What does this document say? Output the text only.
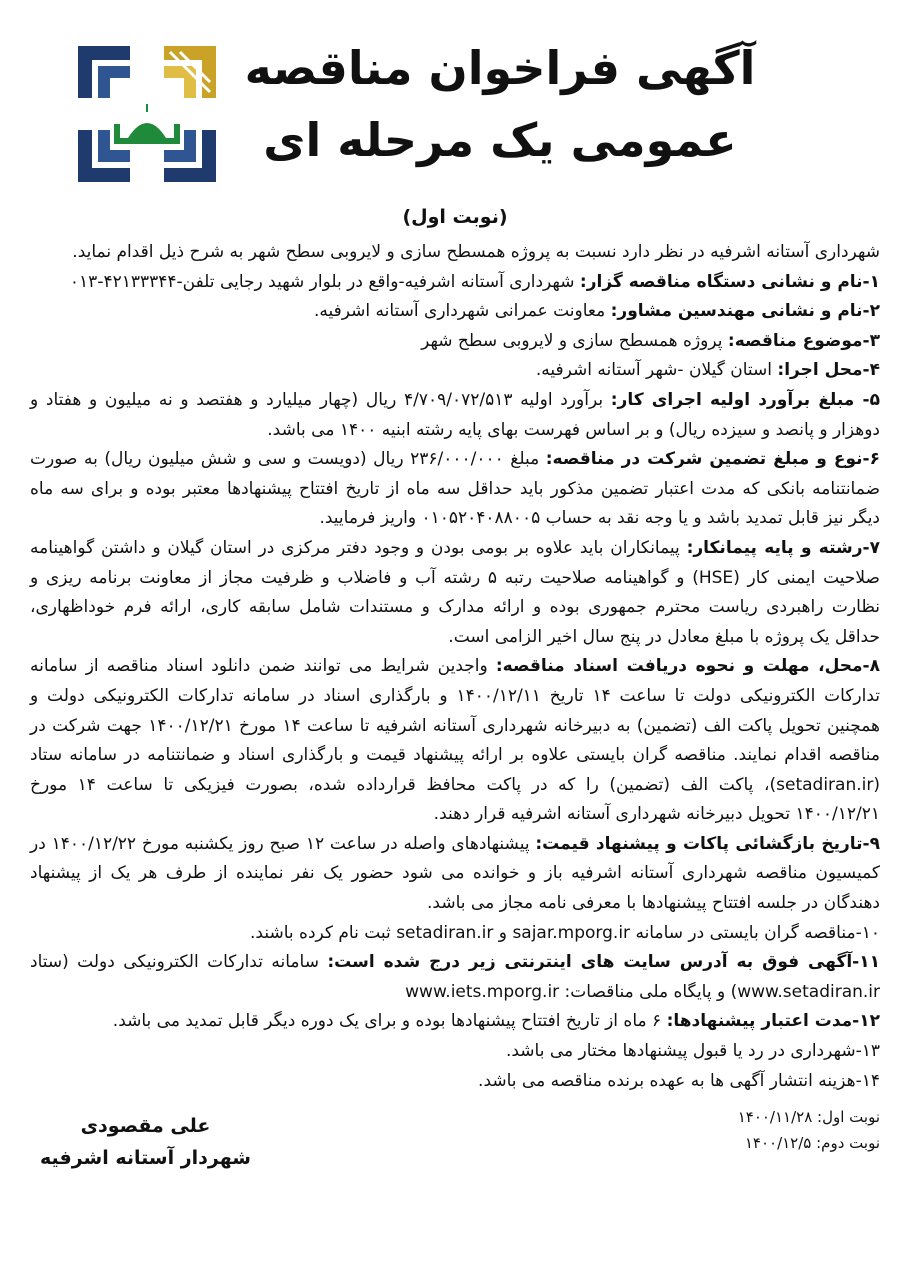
آگهی فراخوان مناقصه
عمومی یک مرحله ای
(نوبت اول)

شهرداری آستانه اشرفیه در نظر دارد نسبت به پروژه همسطح سازی و لایروبی سطح شهر به شرح ذیل اقدام نماید.

۱-نام و نشانی دستگاه مناقصه گزار: شهرداری آستانه اشرفیه-واقع در بلوار شهید رجایی تلفن-۴۲۱۳۳۳۴۴-۰۱۳

۲-نام و نشانی مهندسین مشاور: معاونت عمرانی شهرداری آستانه اشرفیه.

۳-موضوع مناقصه: پروژه همسطح سازی و لایروبی سطح شهر

۴-محل اجرا: استان گیلان -شهر آستانه اشرفیه.

۵- مبلغ برآورد اولیه اجرای کار: برآورد اولیه ۴/۷۰۹/۰۷۲/۵۱۳ ریال (چهار میلیارد و هفتصد و نه میلیون و هفتاد و دوهزار و پانصد و سیزده ریال) و بر اساس فهرست بهای پایه رشته ابنیه ۱۴۰۰ می باشد.

۶-نوع و مبلغ تضمین شرکت در مناقصه: مبلغ ۲۳۶/۰۰۰/۰۰۰ ریال (دویست و سی و شش میلیون ریال) به صورت ضمانتنامه بانکی که مدت اعتبار تضمین مذکور باید حداقل سه ماه از تاریخ افتتاح پیشنهادها معتبر بوده و برای سه ماه دیگر نیز قابل تمدید باشد و یا وجه نقد به حساب ۰۱۰۵۲۰۴۰۸۸۰۰۵ واریز فرمایید.

۷-رشته و پایه پیمانکار: پیمانکاران باید علاوه بر بومی بودن و وجود دفتر مرکزی در استان گیلان و داشتن گواهینامه صلاحیت ایمنی کار (HSE) و گواهینامه صلاحیت رتبه ۵ رشته آب و فاضلاب و ظرفیت مجاز از معاونت برنامه ریزی و نظارت راهبردی ریاست محترم جمهوری بوده و ارائه مدارک و مستندات شامل سابقه کاری، ارائه فرم خوداظهاری، حداقل یک پروژه با مبلغ معادل در پنج سال اخیر الزامی است.

۸-محل، مهلت و نحوه دریافت اسناد مناقصه: واجدین شرایط می توانند ضمن دانلود اسناد مناقصه از سامانه تدارکات الکترونیکی دولت تا ساعت ۱۴ تاریخ ۱۴۰۰/۱۲/۱۱ و بارگذاری اسناد در سامانه تدارکات الکترونیکی دولت و همچنین تحویل پاکت الف (تضمین) به دبیرخانه شهرداری آستانه اشرفیه تا ساعت ۱۴ مورخ ۱۴۰۰/۱۲/۲۱ جهت شرکت در مناقصه اقدام نمایند. مناقصه گران بایستی علاوه بر ارائه پیشنهاد قیمت و بارگذاری اسناد و ضمانتنامه در سامانه ستاد (setadiran.ir)، پاکت الف (تضمین) را که در پاکت محافظ قرارداده شده، بصورت فیزیکی تا ساعت ۱۴ مورخ ۱۴۰۰/۱۲/۲۱ تحویل دبیرخانه شهرداری آستانه اشرفیه قرار دهند.

۹-تاریخ بازگشائی پاکات و پیشنهاد قیمت: پیشنهادهای واصله در ساعت ۱۲ صبح روز یکشنبه مورخ ۱۴۰۰/۱۲/۲۲ در کمیسیون مناقصه شهرداری آستانه اشرفیه باز و خوانده می شود حضور یک نفر نماینده از طرف هر یک از پیشنهاد دهندگان در جلسه افتتاح پیشنهادها با معرفی نامه مجاز می باشد.

۱۰-مناقصه گران بایستی در سامانه sajar.mporg.ir و setadiran.ir ثبت نام کرده باشند.

۱۱-آگهی فوق به آدرس سایت های اینترنتی زیر درج شده است: سامانه تدارکات الکترونیکی دولت (ستاد www.setadiran.ir) و پایگاه ملی مناقصات: www.iets.mporg.ir

۱۲-مدت اعتبار پیشنهادها: ۶ ماه از تاریخ افتتاح پیشنهادها بوده و برای یک دوره دیگر قابل تمدید می باشد.

۱۳-شهرداری در رد یا قبول پیشنهادها مختار می باشد.

۱۴-هزینه انتشار آگهی ها به عهده برنده مناقصه می باشد.

نوبت اول: ۱۴۰۰/۱۱/۲۸
نوبت دوم: ۱۴۰۰/۱۲/۵
علی مقصودی
شهردار آستانه اشرفیه
